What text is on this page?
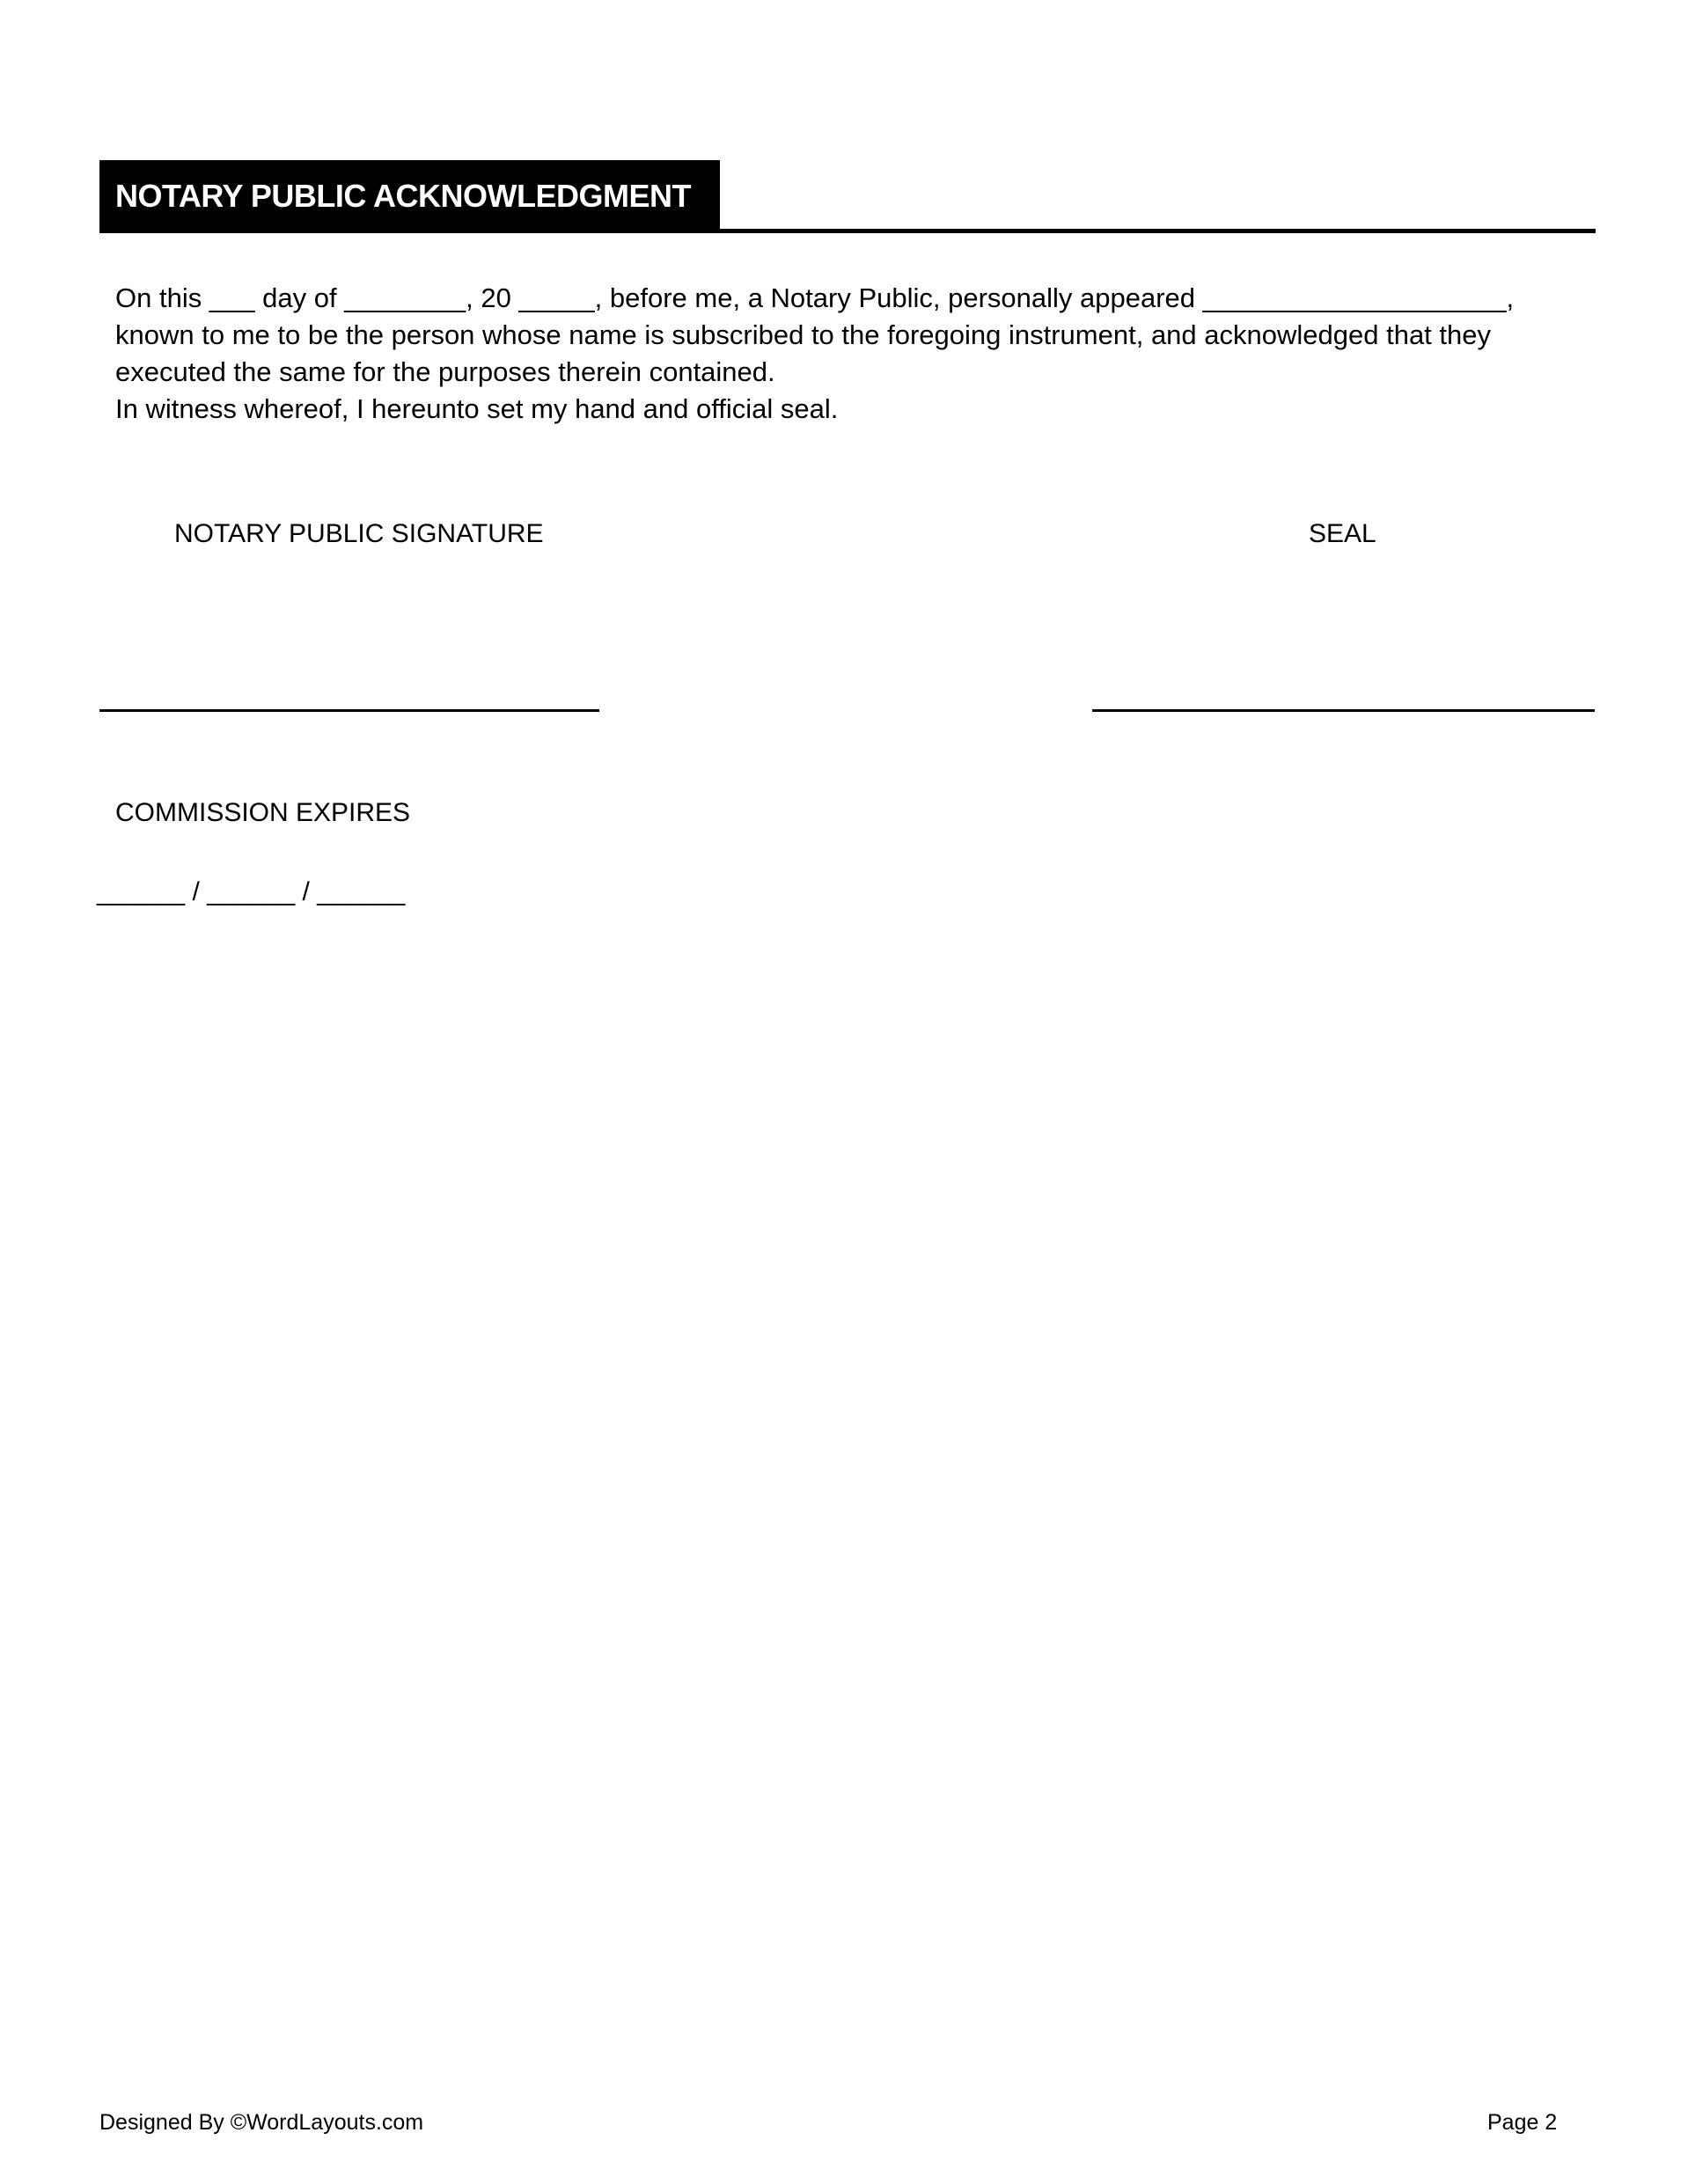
NOTARY PUBLIC ACKNOWLEDGMENT

On this ___ day of ________, 20 _____, before me, a Notary Public, personally appeared ____________________, known to me to be the person whose name is subscribed to the foregoing instrument, and acknowledged that they executed the same for the purposes therein contained.

In witness whereof, I hereunto set my hand and official seal.

NOTARY PUBLIC SIGNATURE	SEAL
COMMISSION EXPIRES
______ / ______ / ______
Designed By ©WordLayouts.com	Page 2
